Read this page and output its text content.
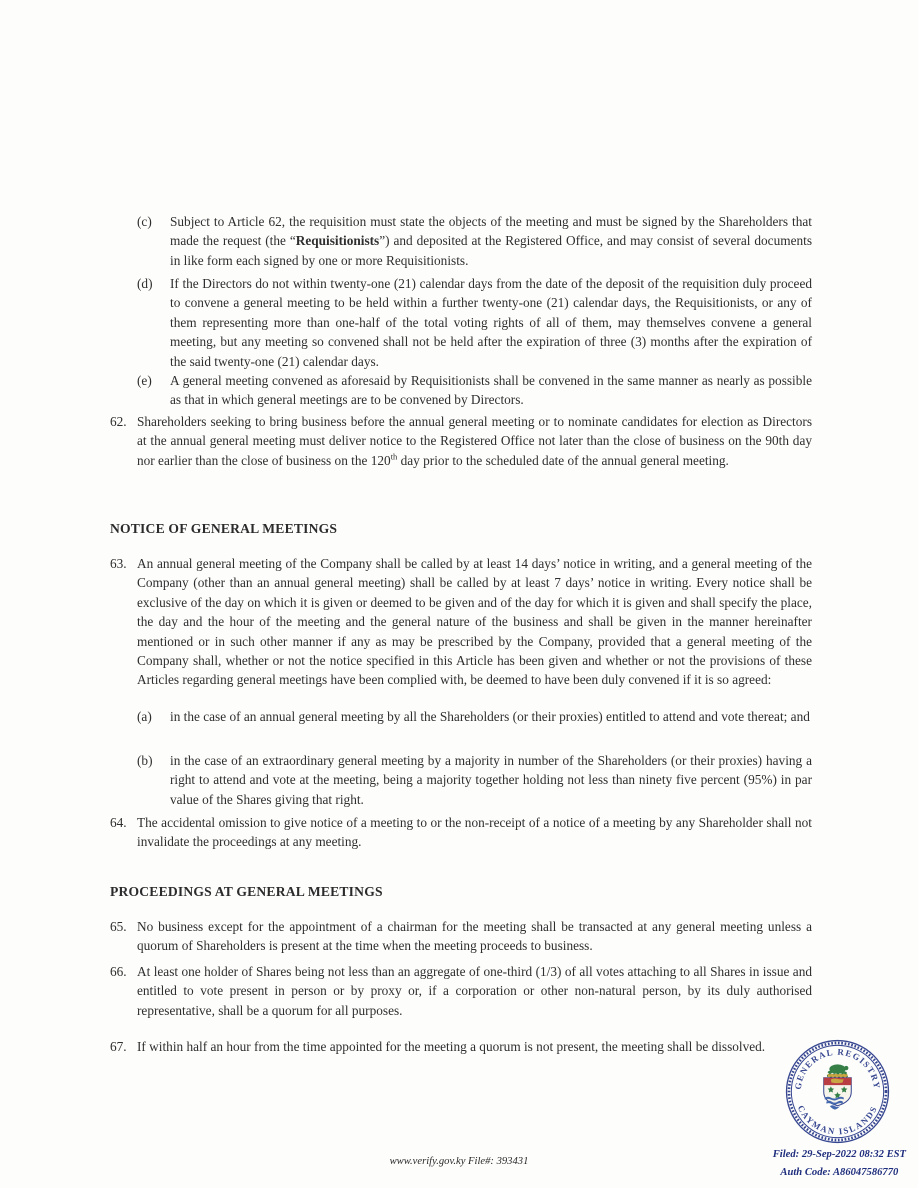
(c)	Subject to Article 62, the requisition must state the objects of the meeting and must be signed by the Shareholders that made the request (the “Requisitionists”) and deposited at the Registered Office, and may consist of several documents in like form each signed by one or more Requisitionists.
(d)	If the Directors do not within twenty-one (21) calendar days from the date of the deposit of the requisition duly proceed to convene a general meeting to be held within a further twenty-one (21) calendar days, the Requisitionists, or any of them representing more than one-half of the total voting rights of all of them, may themselves convene a general meeting, but any meeting so convened shall not be held after the expiration of three (3) months after the expiration of the said twenty-one (21) calendar days.
(e)	A general meeting convened as aforesaid by Requisitionists shall be convened in the same manner as nearly as possible as that in which general meetings are to be convened by Directors.
62. Shareholders seeking to bring business before the annual general meeting or to nominate candidates for election as Directors at the annual general meeting must deliver notice to the Registered Office not later than the close of business on the 90th day nor earlier than the close of business on the 120th day prior to the scheduled date of the annual general meeting.
NOTICE OF GENERAL MEETINGS
63. An annual general meeting of the Company shall be called by at least 14 days’ notice in writing, and a general meeting of the Company (other than an annual general meeting) shall be called by at least 7 days’ notice in writing. Every notice shall be exclusive of the day on which it is given or deemed to be given and of the day for which it is given and shall specify the place, the day and the hour of the meeting and the general nature of the business and shall be given in the manner hereinafter mentioned or in such other manner if any as may be prescribed by the Company, provided that a general meeting of the Company shall, whether or not the notice specified in this Article has been given and whether or not the provisions of these Articles regarding general meetings have been complied with, be deemed to have been duly convened if it is so agreed:
(a)	in the case of an annual general meeting by all the Shareholders (or their proxies) entitled to attend and vote thereat; and
(b)	in the case of an extraordinary general meeting by a majority in number of the Shareholders (or their proxies) having a right to attend and vote at the meeting, being a majority together holding not less than ninety five percent (95%) in par value of the Shares giving that right.
64. The accidental omission to give notice of a meeting to or the non-receipt of a notice of a meeting by any Shareholder shall not invalidate the proceedings at any meeting.
PROCEEDINGS AT GENERAL MEETINGS
65. No business except for the appointment of a chairman for the meeting shall be transacted at any general meeting unless a quorum of Shareholders is present at the time when the meeting proceeds to business.
66. At least one holder of Shares being not less than an aggregate of one-third (1/3) of all votes attaching to all Shares in issue and entitled to vote present in person or by proxy or, if a corporation or other non-natural person, by its duly authorised representative, shall be a quorum for all purposes.
67. If within half an hour from the time appointed for the meeting a quorum is not present, the meeting shall be dissolved.
GENERAL REGISTRY
CAYMAN ISLANDS
Filed: 29-Sep-2022 08:32 EST
Auth Code: A86047586770
www.verify.gov.ky File#: 393431
